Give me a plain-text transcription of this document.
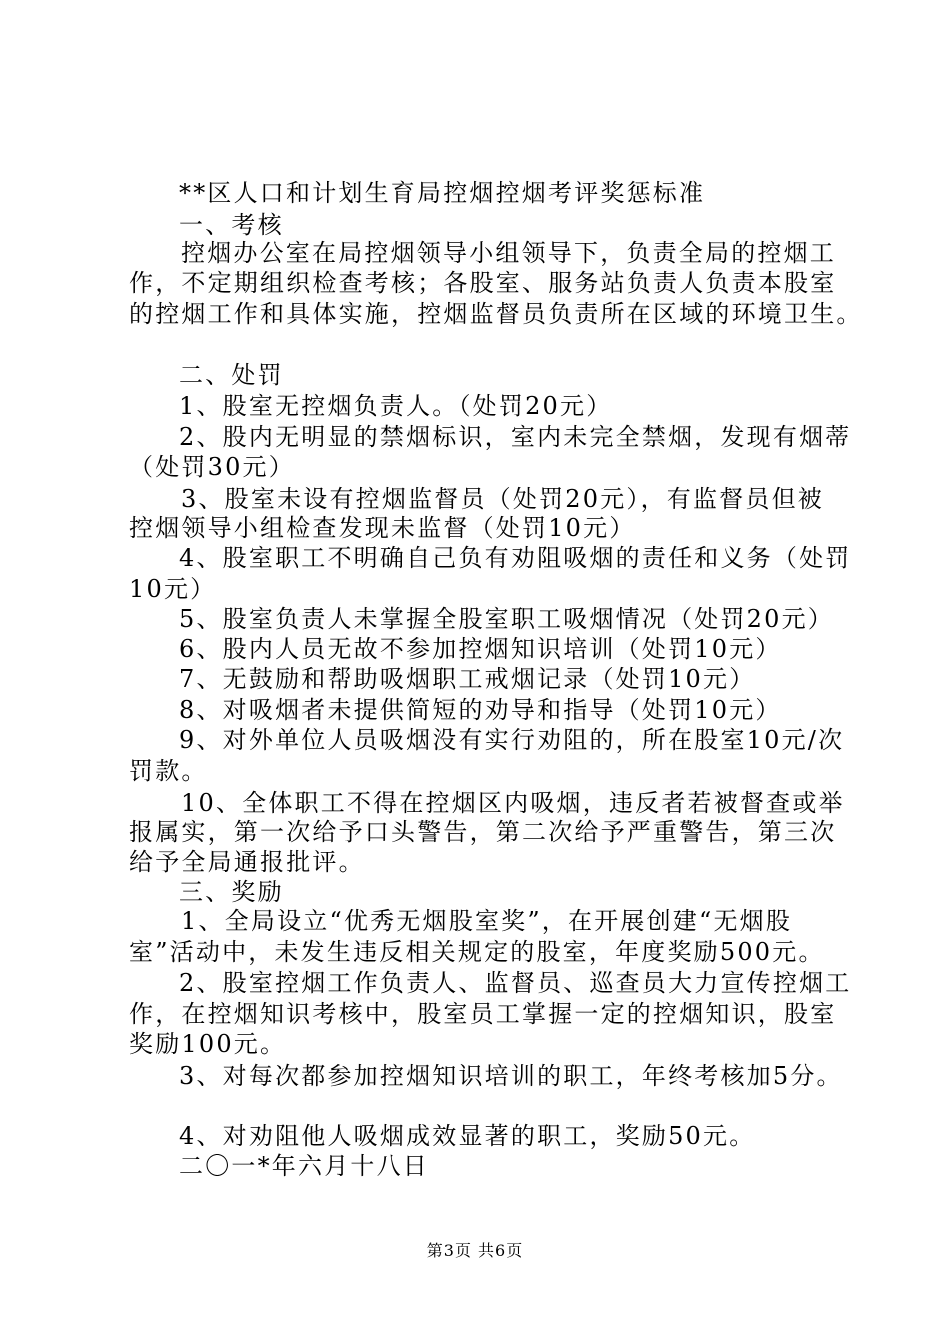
**区人口和计划生育局控烟控烟考评奖惩标准
一、考核
控烟办公室在局控烟领导小组领导下，负责全局的控烟工
作，不定期组织检查考核；各股室、服务站负责人负责本股室
的控烟工作和具体实施，控烟监督员负责所在区域的环境卫生。
二、处罚
1、股室无控烟负责人。（处罚20元）
2、股内无明显的禁烟标识，室内未完全禁烟，发现有烟蒂
（处罚30元）
3、股室未设有控烟监督员（处罚20元），有监督员但被
控烟领导小组检查发现未监督（处罚10元）
4、股室职工不明确自己负有劝阻吸烟的责任和义务（处罚
10元）
5、股室负责人未掌握全股室职工吸烟情况（处罚20元）
6、股内人员无故不参加控烟知识培训（处罚10元）
7、无鼓励和帮助吸烟职工戒烟记录（处罚10元）
8、对吸烟者未提供简短的劝导和指导（处罚10元）
9、对外单位人员吸烟没有实行劝阻的，所在股室10元/次
罚款。
10、全体职工不得在控烟区内吸烟，违反者若被督查或举
报属实，第一次给予口头警告，第二次给予严重警告，第三次
给予全局通报批评。
三、奖励
1、全局设立“优秀无烟股室奖”，在开展创建“无烟股
室”活动中，未发生违反相关规定的股室，年度奖励500元。
2、股室控烟工作负责人、监督员、巡查员大力宣传控烟工
作，在控烟知识考核中，股室员工掌握一定的控烟知识，股室
奖励100元。
3、对每次都参加控烟知识培训的职工，年终考核加5分。
4、对劝阻他人吸烟成效显著的职工，奖励50元。
二〇一*年六月十八日
第3页 共6页
